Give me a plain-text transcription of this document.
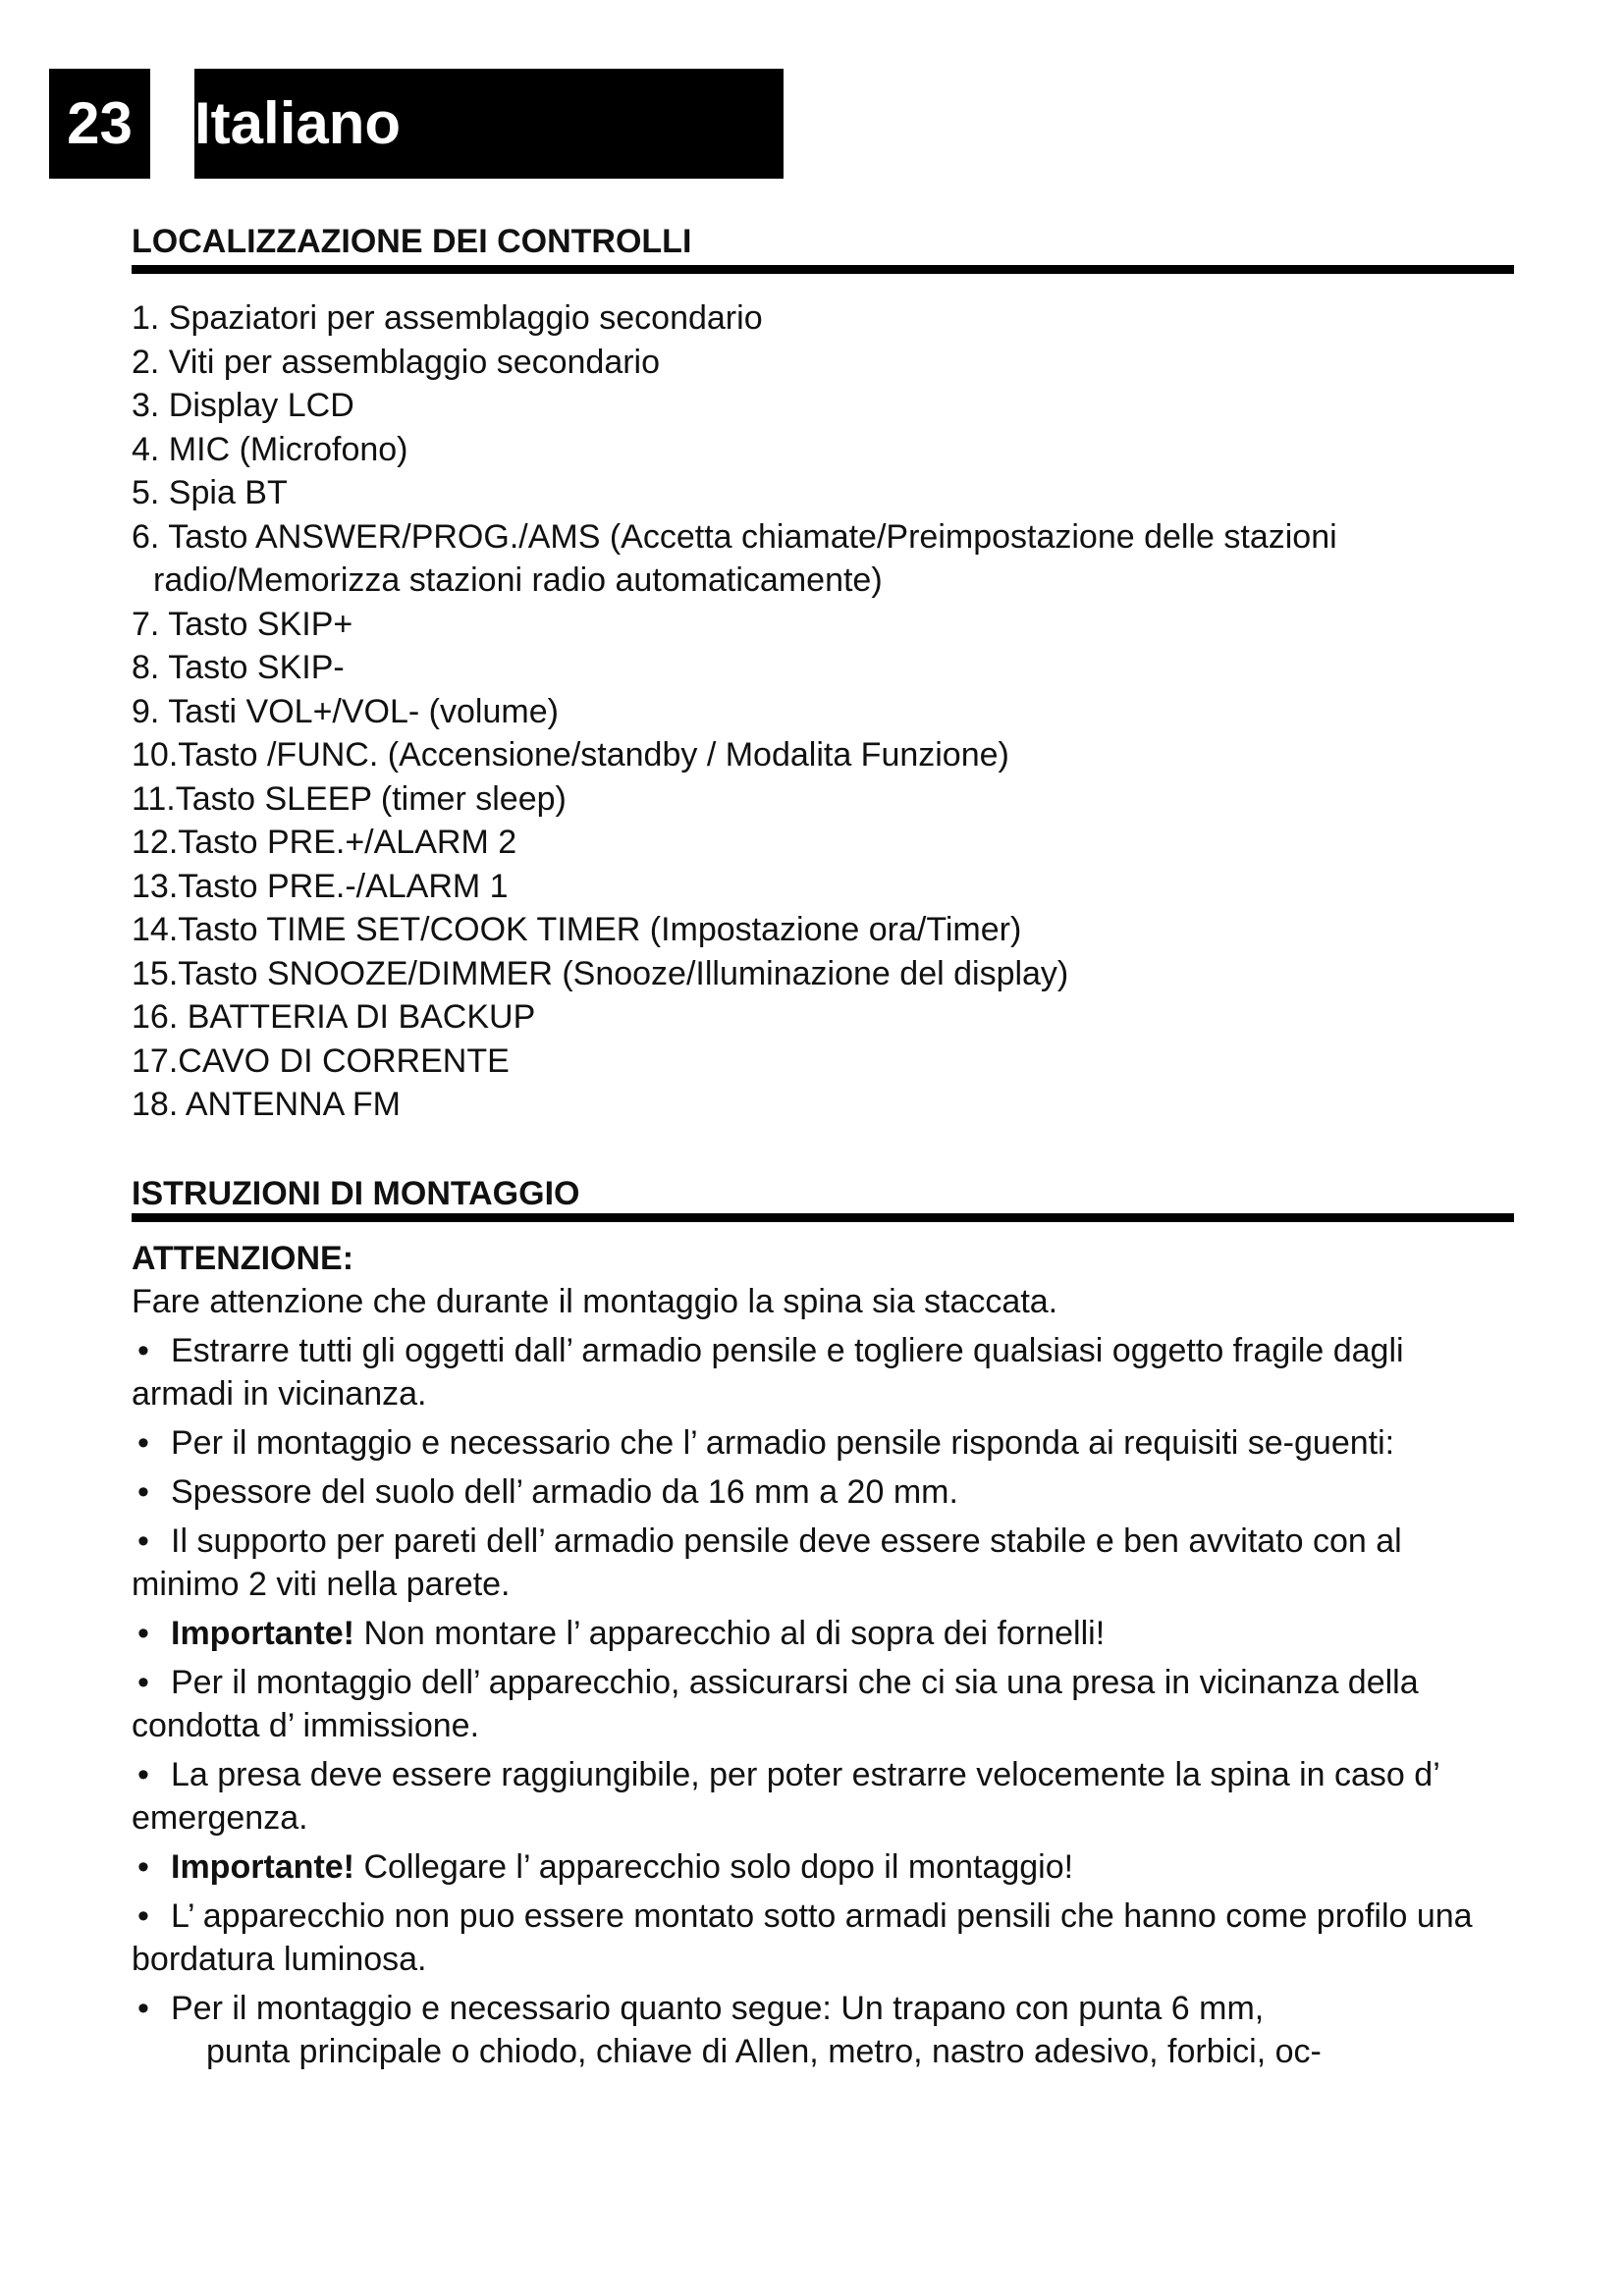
23	Italiano
LOCALIZZAZIONE DEI CONTROLLI
1. Spaziatori per assemblaggio secondario
2. Viti per assemblaggio secondario
3. Display LCD
4. MIC (Microfono)
5. Spia BT
6. Tasto ANSWER/PROG./AMS (Accetta chiamate/Preimpostazione delle stazioni
radio/Memorizza stazioni radio automaticamente)
7. Tasto SKIP+
8. Tasto SKIP-
9. Tasti VOL+/VOL- (volume)
10.Tasto /FUNC. (Accensione/standby / Modalita Funzione)
11.Tasto SLEEP (timer sleep)
12.Tasto PRE.+/ALARM 2
13.Tasto PRE.-/ALARM 1
14.Tasto TIME SET/COOK TIMER (Impostazione ora/Timer)
15.Tasto SNOOZE/DIMMER (Snooze/Illuminazione del display)
16. BATTERIA DI BACKUP
17.CAVO DI CORRENTE
18. ANTENNA FM
ISTRUZIONI DI MONTAGGIO

ATTENZIONE:

Fare attenzione che durante il montaggio la spina sia staccata.

• Estrarre tutti gli oggetti dall’ armadio pensile e togliere qualsiasi oggetto fragile dagli armadi in vicinanza.
• Per il montaggio e necessario che l’ armadio pensile risponda ai requisiti se-guenti:
• Spessore del suolo dell’ armadio da 16 mm a 20 mm.
• Il supporto per pareti dell’ armadio pensile deve essere stabile e ben avvitato con al minimo 2 viti nella parete.
• Importante! Non montare l’ apparecchio al di sopra dei fornelli!
• Per il montaggio dell’ apparecchio, assicurarsi che ci sia una presa in vicinanza della condotta d’ immissione.
• La presa deve essere raggiungibile, per poter estrarre velocemente la spina in caso d’ emergenza.
• Importante! Collegare l’ apparecchio solo dopo il montaggio!
• L’ apparecchio non puo essere montato sotto armadi pensili che hanno come profilo una bordatura luminosa.
• Per il montaggio e necessario quanto segue: Un trapano con punta 6 mm,
punta principale o chiodo, chiave di Allen, metro, nastro adesivo, forbici, oc-
